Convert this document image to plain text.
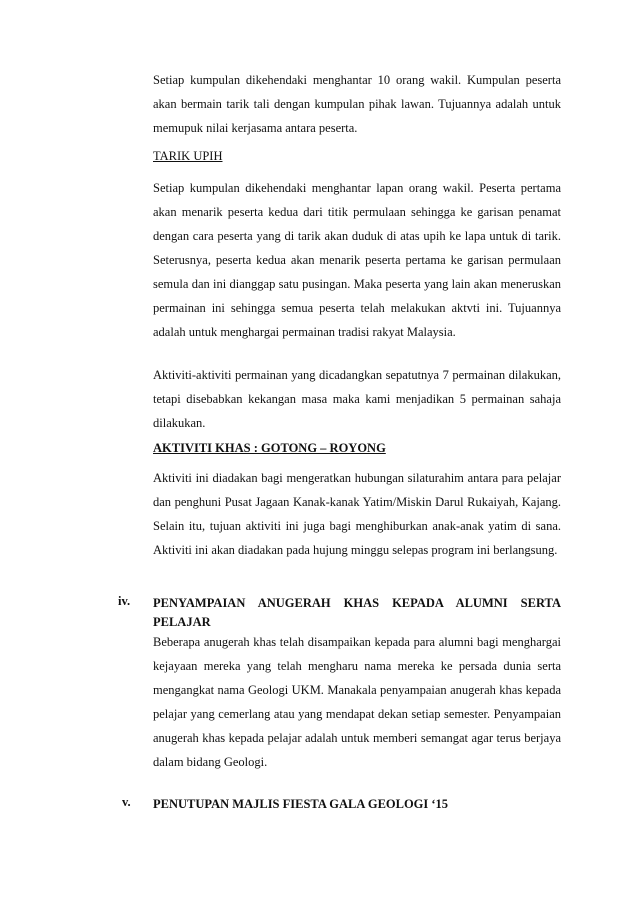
Setiap kumpulan dikehendaki menghantar 10 orang wakil. Kumpulan peserta akan bermain tarik tali dengan kumpulan pihak lawan. Tujuannya adalah untuk memupuk nilai kerjasama antara peserta.

TARIK UPIH

Setiap kumpulan dikehendaki menghantar lapan orang wakil. Peserta pertama akan menarik peserta kedua dari titik permulaan sehingga ke garisan penamat dengan cara peserta yang di tarik akan duduk di atas upih ke lapa untuk di tarik. Seterusnya, peserta kedua akan menarik peserta pertama ke garisan permulaan semula dan ini dianggap satu pusingan. Maka peserta yang lain akan meneruskan permainan ini sehingga semua peserta telah melakukan aktvti ini. Tujuannya adalah untuk menghargai permainan tradisi rakyat Malaysia.

Aktiviti-aktiviti permainan yang dicadangkan sepatutnya 7 permainan dilakukan, tetapi disebabkan kekangan masa maka kami menjadikan 5 permainan sahaja dilakukan.

AKTIVITI KHAS : GOTONG – ROYONG

Aktiviti ini diadakan bagi mengeratkan hubungan silaturahim antara para pelajar dan penghuni Pusat Jagaan Kanak-kanak Yatim/Miskin Darul Rukaiyah, Kajang. Selain itu, tujuan aktiviti ini juga bagi menghiburkan anak-anak yatim di sana. Aktiviti ini akan diadakan pada hujung minggu selepas program ini berlangsung.

iv. PENYAMPAIAN ANUGERAH KHAS KEPADA ALUMNI SERTA PELAJAR

Beberapa anugerah khas telah disampaikan kepada para alumni bagi menghargai kejayaan mereka yang telah mengharu nama mereka ke persada dunia serta mengangkat nama Geologi UKM. Manakala penyampaian anugerah khas kepada pelajar yang cemerlang atau yang mendapat dekan setiap semester. Penyampaian anugerah khas kepada pelajar adalah untuk memberi semangat agar terus berjaya dalam bidang Geologi.

v. PENUTUPAN MAJLIS FIESTA GALA GEOLOGI ‘15
